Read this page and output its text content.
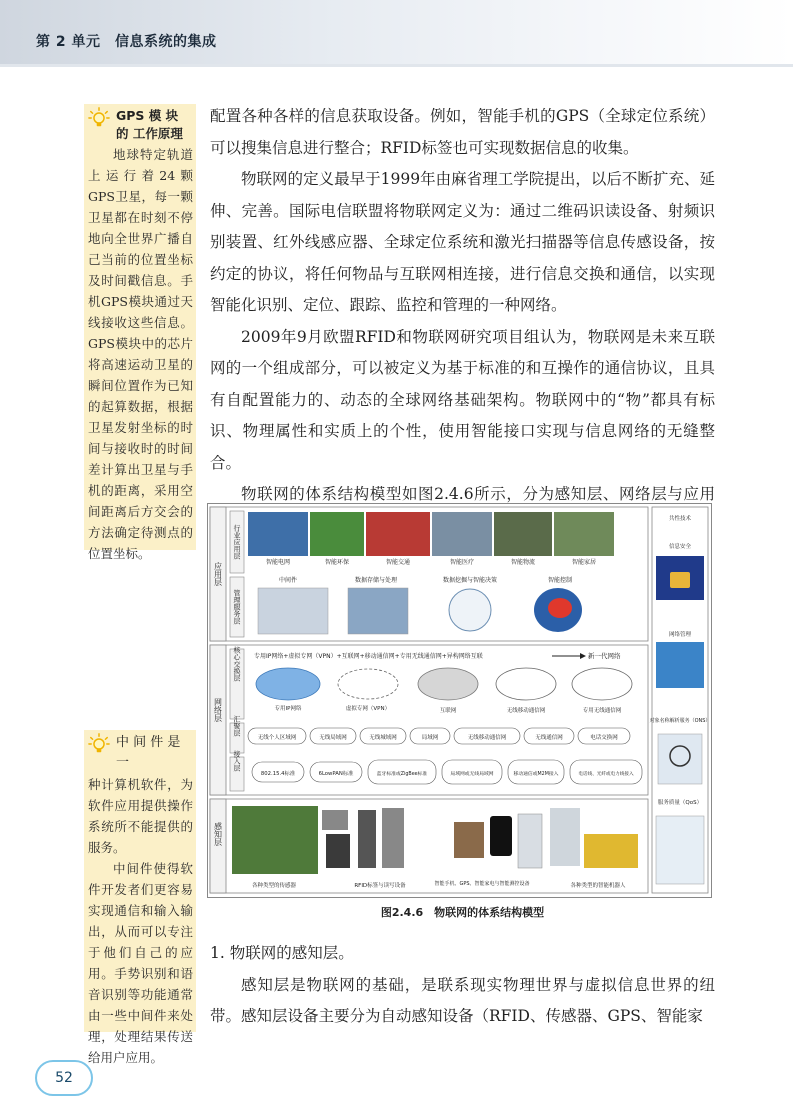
第 2 单元　信息系统的集成
GPS 模 块 的 工作原理

地球特定轨道上运行着24颗GPS卫星，每一颗卫星都在时刻不停地向全世界广播自己当前的位置坐标及时间戳信息。手机GPS模块通过天线接收这些信息。GPS模块中的芯片将高速运动卫星的瞬间位置作为已知的起算数据，根据卫星发射坐标的时间与接收时的时间差计算出卫星与手机的距离，采用空间距离后方交会的方法确定待测点的位置坐标。

中 间 件 是 一

种计算机软件，为软件应用提供操作系统所不能提供的服务。

中间件使得软件开发者们更容易实现通信和输入输出，从而可以专注于他们自己的应用。手势识别和语音识别等功能通常由一些中间件来处理，处理结果传送给用户应用。

配置各种各样的信息获取设备。例如，智能手机的GPS（全球定位系统）可以搜集信息进行整合；RFID标签也可实现数据信息的收集。

物联网的定义最早于1999年由麻省理工学院提出，以后不断扩充、延伸、完善。国际电信联盟将物联网定义为：通过二维码识读设备、射频识别装置、红外线感应器、全球定位系统和激光扫描器等信息传感设备，按约定的协议，将任何物品与互联网相连接，进行信息交换和通信，以实现智能化识别、定位、跟踪、监控和管理的一种网络。

2009年9月欧盟RFID和物联网研究项目组认为，物联网是未来互联网的一个组成部分，可以被定义为基于标准的和互操作的通信协议，且具有自配置能力的、动态的全球网络基础架构。物联网中的“物”都具有标识、物理属性和实质上的个性，使用智能接口实现与信息网络的无缝整合。

物联网的体系结构模型如图2.4.6所示，分为感知层、网络层与应用

应用层
行业应用层
管理服务层
智能电网	智能环保	智能交通	智能医疗	智能物流	智能家居
中间件	数据存储与处理	数据挖掘与智能决策	智能控制
网络层
核心交换层
汇聚层
接入层
专用IP网络+虚拟专网（VPN）+互联网+移动通信网+专用无线通信网+异构网络互联	新一代网络
专用IP网络	虚拟专网（VPN）	互联网	无线移动通信网	专用无线通信网
无线个人区域网	无线局域网	无线城域网	局域网	无线移动通信网	无线通信网	电话交换网
802.15.4标准	6LowPAN标准	蓝牙标准或ZigBee标准	局域网或无线局域网	移动通信或M2M接入	电话线、光纤或电力线接入
感知层
各种类型的传感器	RFID标签与读写设备	智能手机、GPS、智能家电与智能测控设备	各种类型的智能机器人
共性技术
信息安全
网络管理
对象名称解析服务（ONS）
服务质量（QoS）
图2.4.6　物联网的体系结构模型

1. 物联网的感知层。

感知层是物联网的基础，是联系现实物理世界与虚拟信息世界的纽带。感知层设备主要分为自动感知设备（RFID、传感器、GPS、智能家

52
